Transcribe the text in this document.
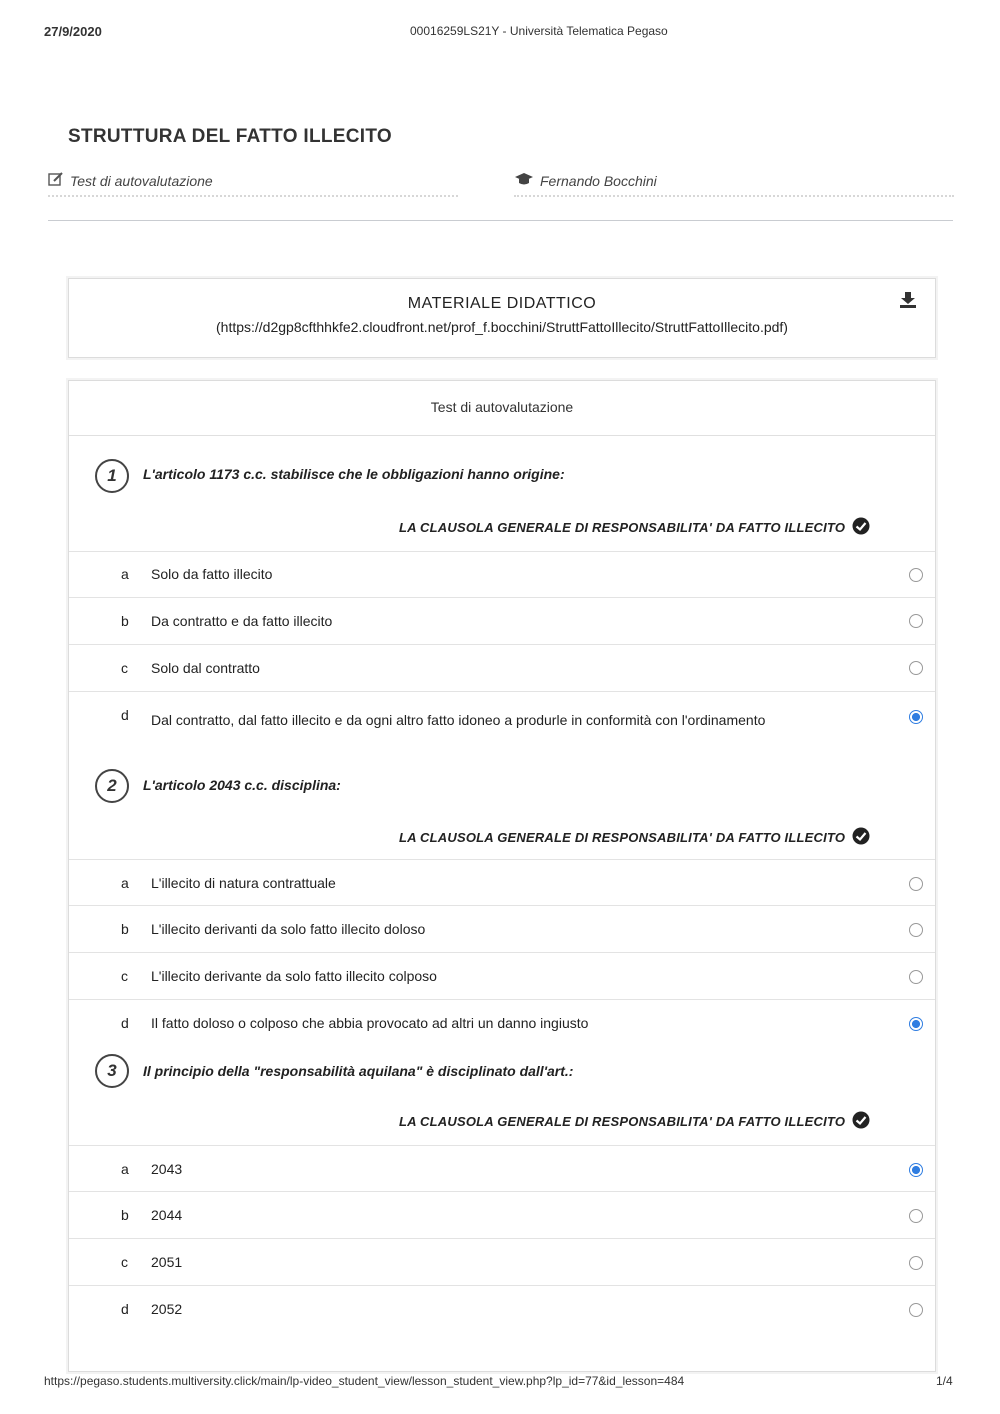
27/9/2020	00016259LS21Y - Università Telematica Pegaso
STRUTTURA DEL FATTO ILLECITO
Test di autovalutazione	Fernando Bocchini
MATERIALE DIDATTICO
(https://d2gp8cfthhkfe2.cloudfront.net/prof_f.bocchini/StruttFattoIllecito/StruttFattoIllecito.pdf)
Test di autovalutazione
1	L'articolo 1173 c.c. stabilisce che le obbligazioni hanno origine:
LA CLAUSOLA GENERALE DI RESPONSABILITA' DA FATTO ILLECITO
a Solo da fatto illecito
b Da contratto e da fatto illecito
c Solo dal contratto
d Dal contratto, dal fatto illecito e da ogni altro fatto idoneo a produrle in conformità con l'ordinamento
2	L'articolo 2043 c.c. disciplina:
LA CLAUSOLA GENERALE DI RESPONSABILITA' DA FATTO ILLECITO
a L'illecito di natura contrattuale
b L'illecito derivanti da solo fatto illecito doloso
c L'illecito derivante da solo fatto illecito colposo
d Il fatto doloso o colposo che abbia provocato ad altri un danno ingiusto
3	Il principio della "responsabilità aquilana" è disciplinato dall'art.:
LA CLAUSOLA GENERALE DI RESPONSABILITA' DA FATTO ILLECITO
a 2043
b 2044
c 2051
d 2052
https://pegaso.students.multiversity.click/main/lp-video_student_view/lesson_student_view.php?lp_id=77&id_lesson=484	1/4
